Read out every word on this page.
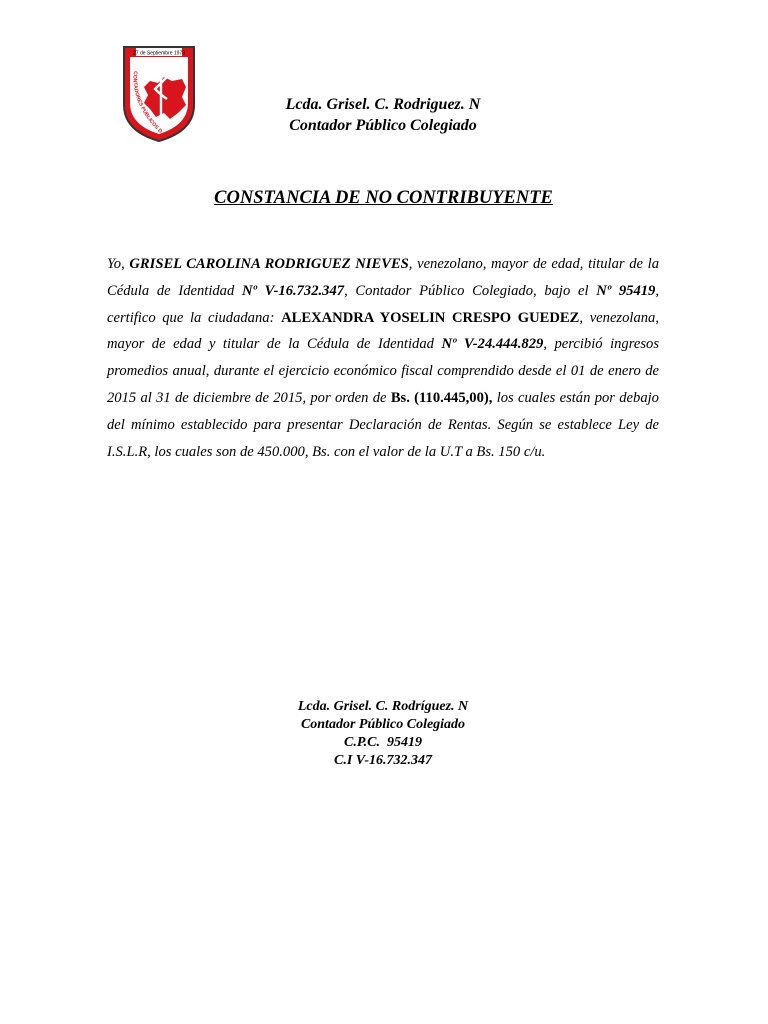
27 de Septiembre 1973
CONTADORES PÚBLICOS D
Lcda. Grisel. C. Rodriguez. N
Contador Público Colegiado
CONSTANCIA DE NO CONTRIBUYENTE
Yo, GRISEL CAROLINA RODRIGUEZ NIEVES, venezolano, mayor de edad, titular de la Cédula de Identidad Nº V-16.732.347, Contador Público Colegiado, bajo el Nº 95419, certifico que la ciudadana: ALEXANDRA YOSELIN CRESPO GUEDEZ, venezolana, mayor de edad y titular de la Cédula de Identidad Nº V-24.444.829, percibió ingresos promedios anual, durante el ejercicio económico fiscal comprendido desde el 01 de enero de 2015 al 31 de diciembre de 2015, por orden de Bs. (110.445,00), los cuales están por debajo del mínimo establecido para presentar Declaración de Rentas. Según se establece Ley de I.S.L.R, los cuales son de 450.000, Bs. con el valor de la U.T a Bs. 150 c/u.
Lcda. Grisel. C. Rodríguez. N
Contador Público Colegiado
C.P.C.  95419
C.I V-16.732.347
